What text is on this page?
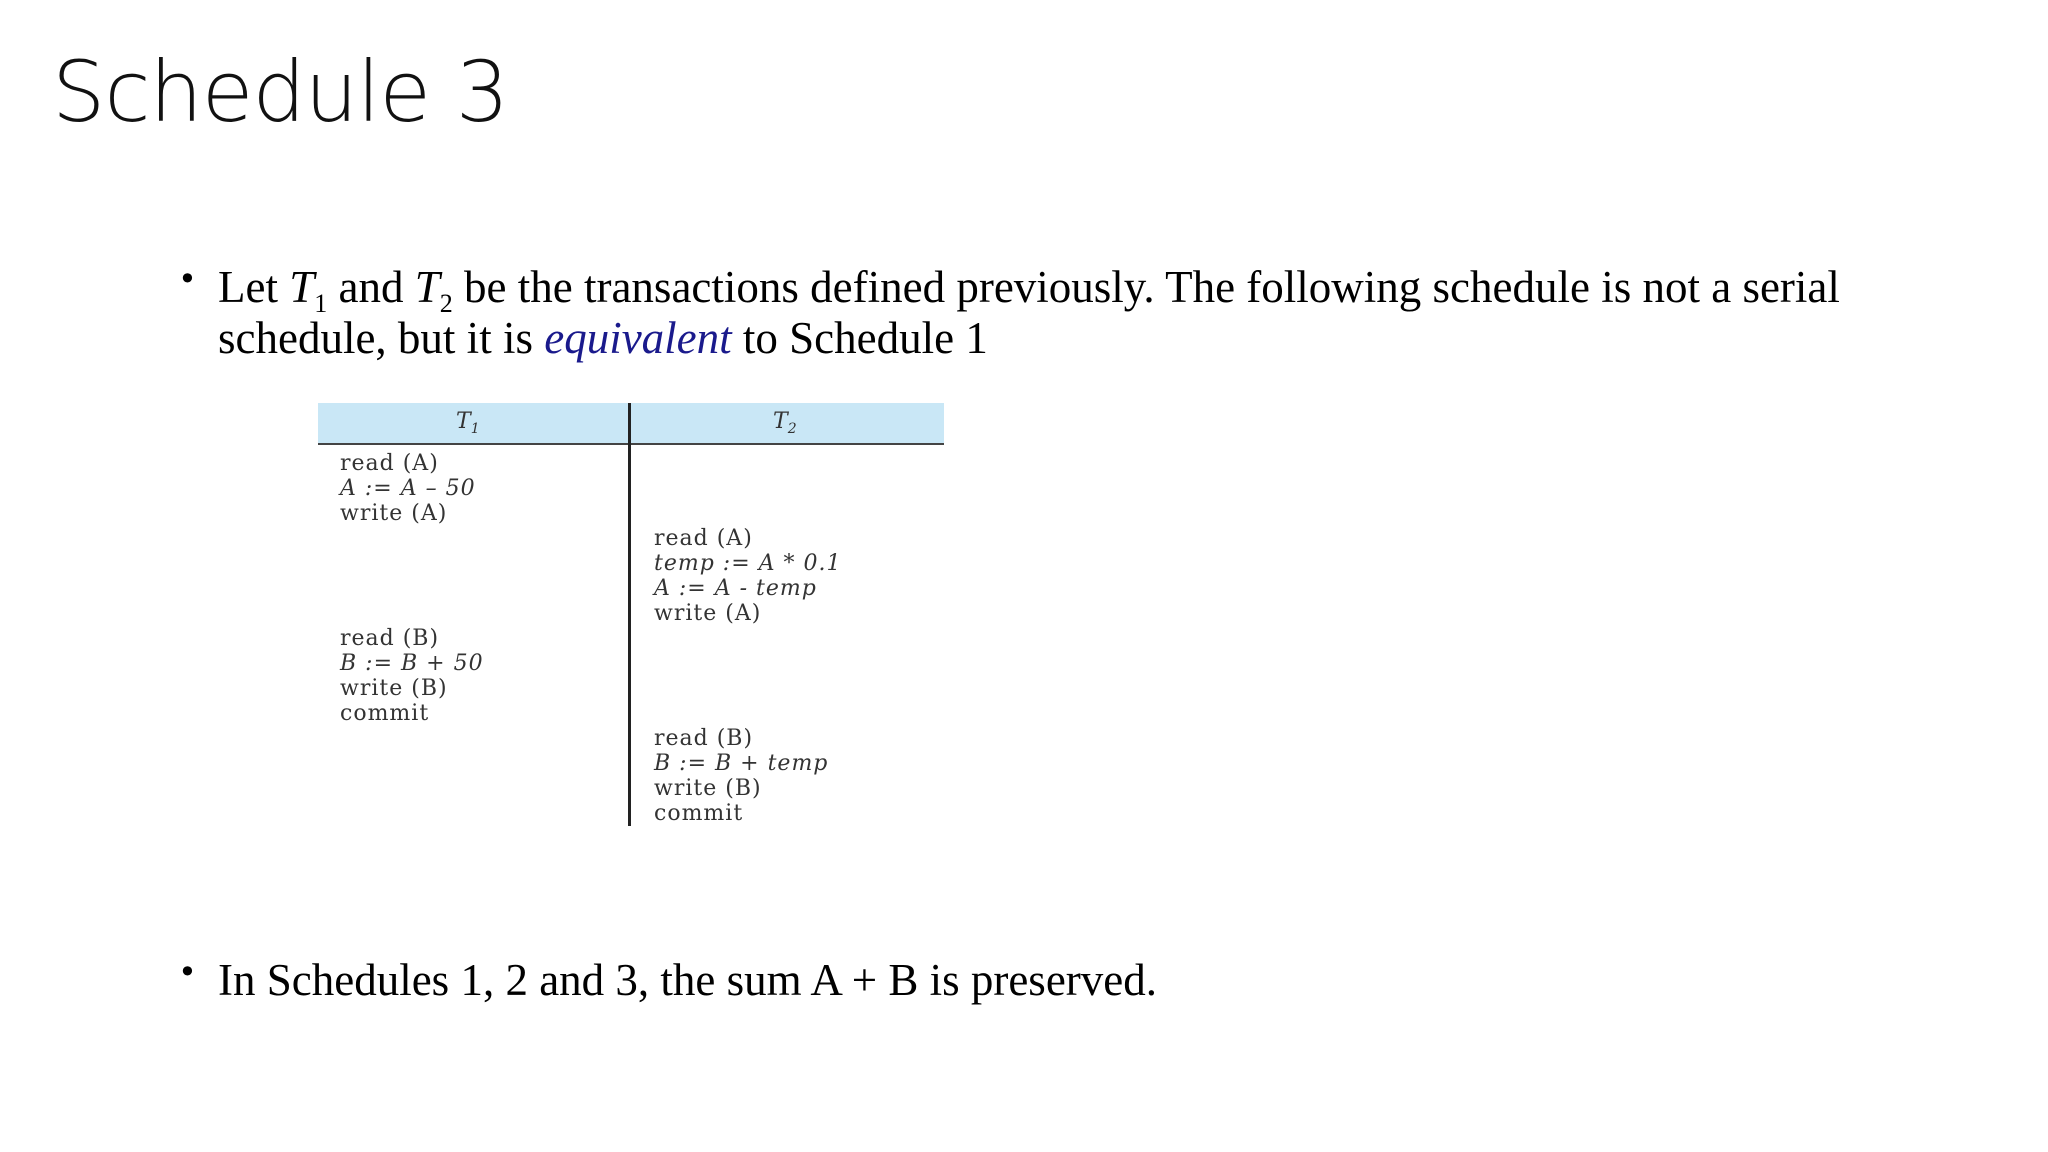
Schedule 3
• Let $T_1$ and $T_2$ be the transactions defined previously. The following schedule is not a serial
schedule, but it is equivalent to Schedule 1
$T_1$	$T_2$
read (A)
A := A – 50
write (A)
read (B)
B := B + 50
write (B)
commit
read (A)
temp := A * 0.1
A := A - temp
write (A)
read (B)
B := B + temp
write (B)
commit
• In Schedules 1, 2 and 3, the sum A + B is preserved.
